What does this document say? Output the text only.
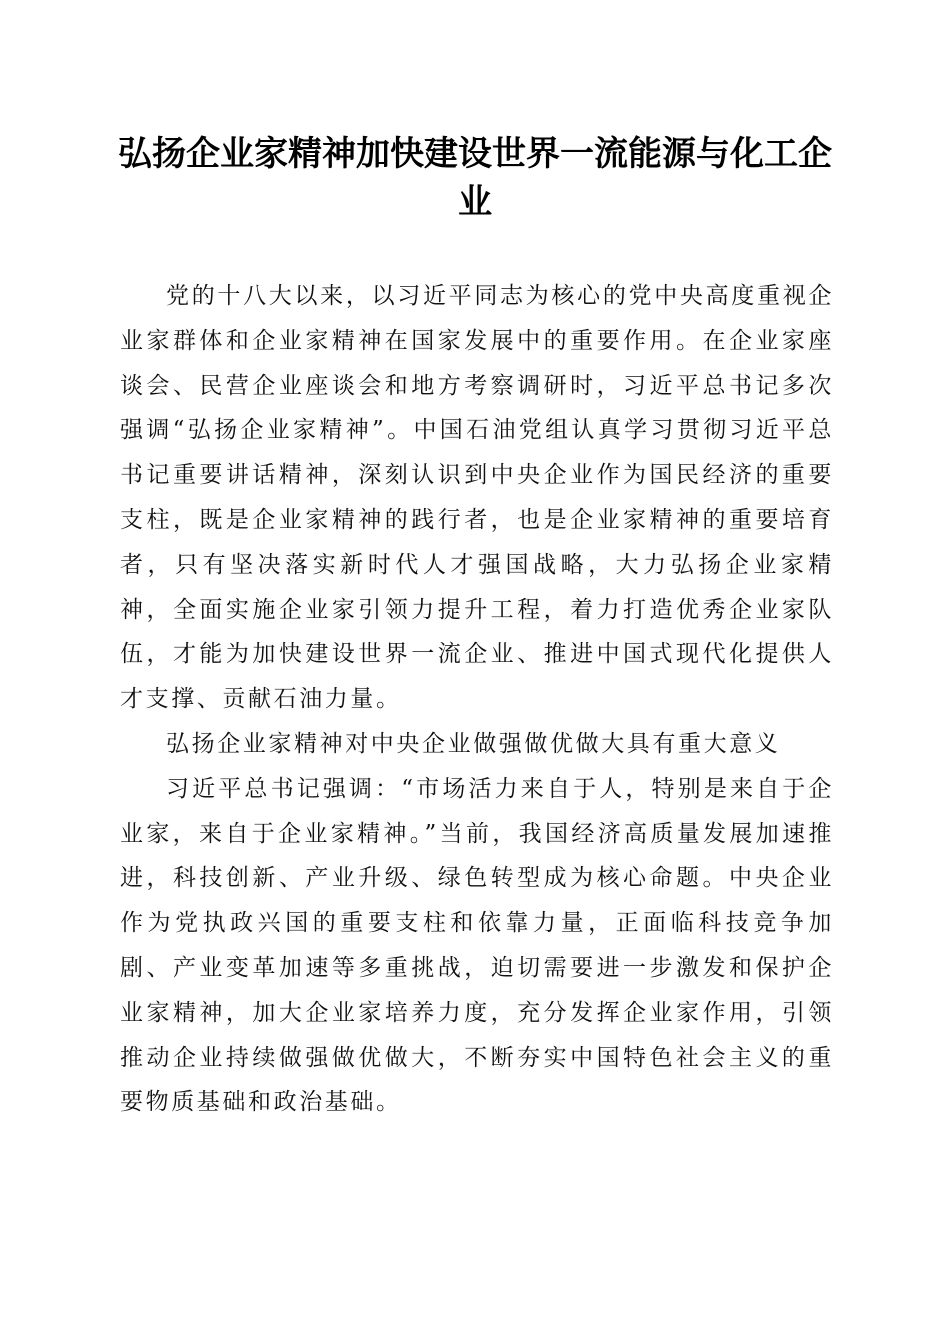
弘扬企业家精神加快建设世界一流能源与化工企业

党的十八大以来，以习近平同志为核心的党中央高度重视企业家群体和企业家精神在国家发展中的重要作用。在企业家座谈会、民营企业座谈会和地方考察调研时，习近平总书记多次强调“弘扬企业家精神”。中国石油党组认真学习贯彻习近平总书记重要讲话精神，深刻认识到中央企业作为国民经济的重要支柱，既是企业家精神的践行者，也是企业家精神的重要培育者，只有坚决落实新时代人才强国战略，大力弘扬企业家精神，全面实施企业家引领力提升工程，着力打造优秀企业家队伍，才能为加快建设世界一流企业、推进中国式现代化提供人才支撑、贡献石油力量。

弘扬企业家精神对中央企业做强做优做大具有重大意义

习近平总书记强调：“市场活力来自于人，特别是来自于企业家，来自于企业家精神。”当前，我国经济高质量发展加速推进，科技创新、产业升级、绿色转型成为核心命题。中央企业作为党执政兴国的重要支柱和依靠力量，正面临科技竞争加剧、产业变革加速等多重挑战，迫切需要进一步激发和保护企业家精神，加大企业家培养力度，充分发挥企业家作用，引领推动企业持续做强做优做大，不断夯实中国特色社会主义的重要物质基础和政治基础。
